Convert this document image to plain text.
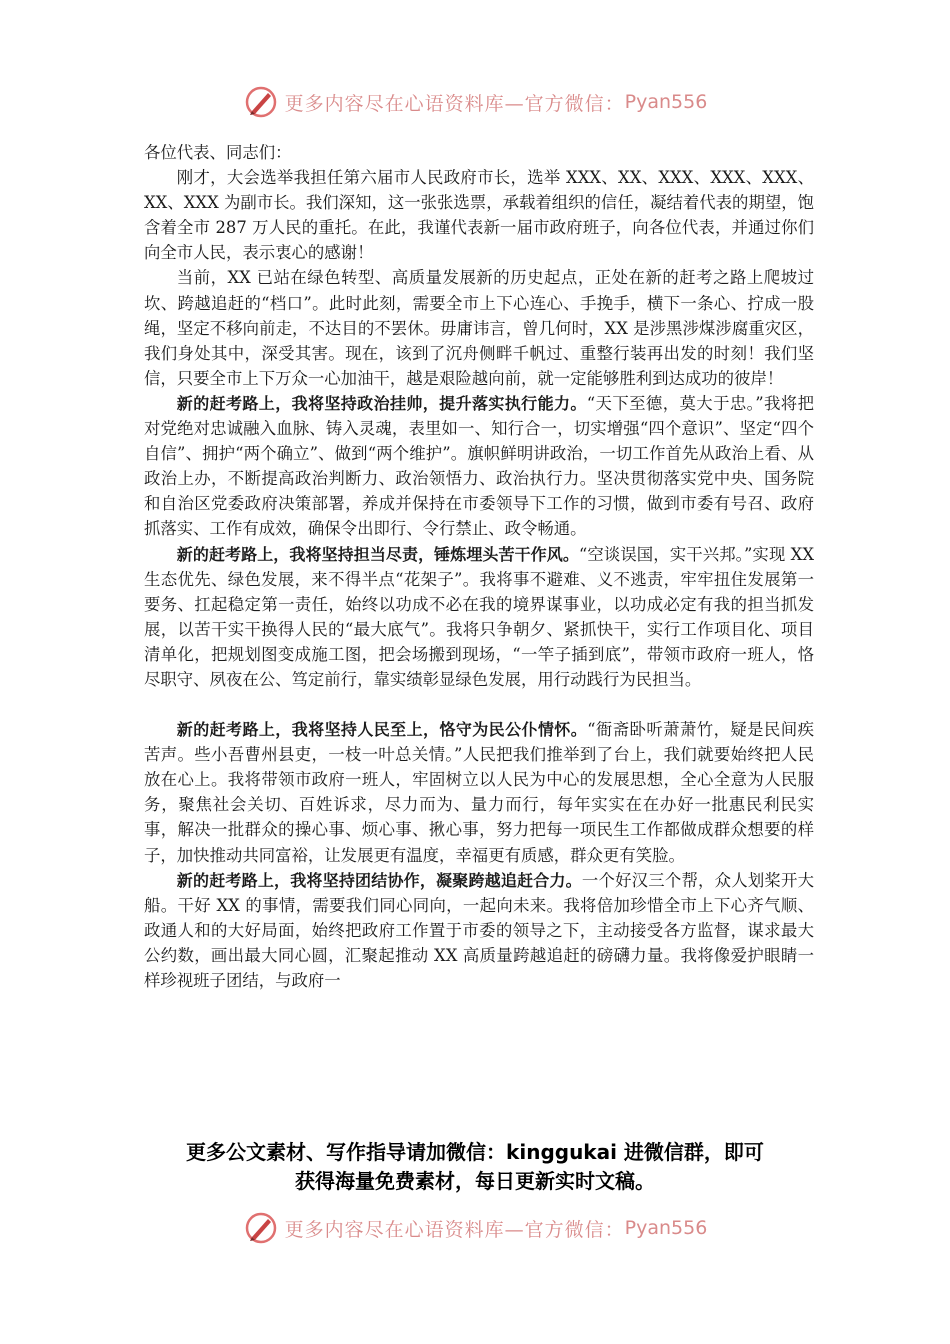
更多内容尽在心语资料库—官方微信： Pyan556

各位代表、同志们：

刚才，大会选举我担任第六届市人民政府市长，选举 XXX、XX、XXX、XXX、XXX、XX、XXX 为副市长。我们深知，这一张张选票，承载着组织的信任，凝结着代表的期望，饱含着全市 287 万人民的重托。在此，我谨代表新一届市政府班子，向各位代表，并通过你们向全市人民，表示衷心的感谢！

当前，XX 已站在绿色转型、高质量发展新的历史起点，正处在新的赶考之路上爬坡过坎、跨越追赶的“档口”。此时此刻，需要全市上下心连心、手挽手，横下一条心、拧成一股绳，坚定不移向前走，不达目的不罢休。毋庸讳言，曾几何时，XX 是涉黑涉煤涉腐重灾区，我们身处其中，深受其害。现在，该到了沉舟侧畔千帆过、重整行装再出发的时刻！我们坚信，只要全市上下万众一心加油干，越是艰险越向前，就一定能够胜利到达成功的彼岸！

新的赶考路上，我将坚持政治挂帅，提升落实执行能力。“天下至德，莫大于忠。”我将把对党绝对忠诚融入血脉、铸入灵魂，表里如一、知行合一，切实增强“四个意识”、坚定“四个自信”、拥护“两个确立”、做到“两个维护”。旗帜鲜明讲政治，一切工作首先从政治上看、从政治上办，不断提高政治判断力、政治领悟力、政治执行力。坚决贯彻落实党中央、国务院和自治区党委政府决策部署，养成并保持在市委领导下工作的习惯，做到市委有号召、政府抓落实、工作有成效，确保令出即行、令行禁止、政令畅通。

新的赶考路上，我将坚持担当尽责，锤炼埋头苦干作风。“空谈误国，实干兴邦。”实现 XX 生态优先、绿色发展，来不得半点“花架子”。我将事不避难、义不逃责，牢牢扭住发展第一要务、扛起稳定第一责任，始终以功成不必在我的境界谋事业，以功成必定有我的担当抓发展，以苦干实干换得人民的“最大底气”。我将只争朝夕、紧抓快干，实行工作项目化、项目清单化，把规划图变成施工图，把会场搬到现场，“一竿子插到底”，带领市政府一班人，恪尽职守、夙夜在公、笃定前行，靠实绩彰显绿色发展，用行动践行为民担当。

新的赶考路上，我将坚持人民至上，恪守为民公仆情怀。“衙斋卧听萧萧竹，疑是民间疾苦声。些小吾曹州县吏，一枝一叶总关情。”人民把我们推举到了台上，我们就要始终把人民放在心上。我将带领市政府一班人，牢固树立以人民为中心的发展思想，全心全意为人民服务，聚焦社会关切、百姓诉求，尽力而为、量力而行，每年实实在在办好一批惠民利民实事，解决一批群众的操心事、烦心事、揪心事，努力把每一项民生工作都做成群众想要的样子，加快推动共同富裕，让发展更有温度，幸福更有质感，群众更有笑脸。

新的赶考路上，我将坚持团结协作，凝聚跨越追赶合力。一个好汉三个帮，众人划桨开大船。干好 XX 的事情，需要我们同心同向，一起向未来。我将倍加珍惜全市上下心齐气顺、政通人和的大好局面，始终把政府工作置于市委的领导之下，主动接受各方监督，谋求最大公约数，画出最大同心圆，汇聚起推动 XX 高质量跨越追赶的磅礴力量。我将像爱护眼睛一样珍视班子团结，与政府一

更多公文素材、写作指导请加微信：kinggukai 进微信群，即可
获得海量免费素材，每日更新实时文稿。
更多内容尽在心语资料库—官方微信： Pyan556
